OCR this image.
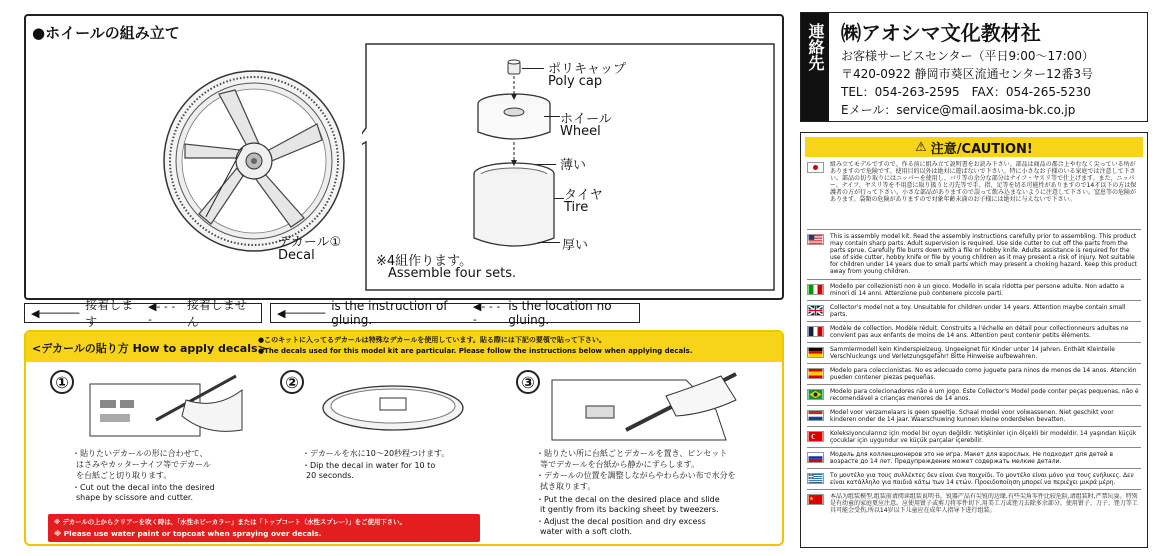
●ホイールの組み立て
デカール①
Decal
ポリキャップ
Poly cap
ホイール
Wheel
薄い
タイヤ
Tire
厚い
※4組作ります。
Assemble four sets.
◀──────
接着します
◀- - - -
接着しません
◀────── is the instruction of gluing.
◀- - - -
is the location no gluing.
<デカールの貼り方 How to apply decals>
●このキットに入ってるデカールは特殊なデカールを使用しています。貼る際には下記の要領で貼って下さい。
●The decals used for this model kit are particular. Please follow the instructions below when applying decals.
①
・貼りたいデカールの形に合わせて、
はさみやカッターナイフ等でデカール
を台紙ごと切り取ります。
・Cut out the decal into the desired
shape by scissore and cutter.
②
・デカールを水に10～20秒程つけます。
・Dip the decal in water for 10 to
20 seconds.
③
・貼りたい所に台紙ごとデカールを置き、ピンセット
等でデカールを台紙から静かにずらします。
・デカールの位置を調整しながらやわらかい布で水分を
拭き取ります。
・Put the decal on the desired place and slide
it gently from its backing sheet by tweezers.
・Adjust the decal position and dry excess
water with a soft cloth.
※ デカールの上からクリアーを吹く時は、「水性ホビーカラー」または「トップコート（水性スプレー）」をご使用下さい。
※ Please use water paint or topcoat when spraying over decals.
連絡先 ㈱アオシマ文化教材社
お客様サービスセンター（平日9:00～17:00）
〒420-0922 静岡市葵区流通センター12番3号
TEL：054-263-2595　FAX：054-265-5230
Eメール：service@mail.aosima-bk.co.jp
⚠ 注意/CAUTION!
組み立てモデルですので、作る前に組み立て説明書をお読み下さい。部品は商品の都合上やむなく尖っている所がありますので危険です。使用目的以外は絶対に遊ばないで下さい。特に小さなお子様のいる家庭では注意して下さい。部品の切り取りにはニッパーを使用し、バリ等の余分な部分はナイフ・ヤスリ等で仕上げます。また、ニッパー、ナイフ、ヤスリ等を不用意に取り扱うと刃先等で手、指、足等を切る可能性がありますので14才以下の方は保護者の方が行って下さい。小さな部品がありますので誤って飲み込まないように注意して下さい。窒息等の危険があります。袋類の危険がありますので対象年齢未満のお子様には絶対に与えないで下さい。
This is assembly model kit. Read the assembly instructions carefully prior to assembling. This product may contain sharp parts. Adult supervision is required. Use side cutter to cut off the parts from the parts sprue. Carefully file burrs down with a file or hobby knife. Adults assistance is required for the use of side cutter, hobby knife or file by young children as it may present a risk of injury. Not suitable for children under 14 years due to small parts which may present a choking hazard. Keep this product away from young children.
Modello per collezionisti non è un gioco. Modello in scala ridotta per persone adulte. Non adatto a minori di 14 anni. Attenzione può contenere piccole parti.
Collector's model not a toy. Unsuitable for children under 14 years. Attention maybe contain small parts.
Modèle de collection. Modèle réduit. Construits a l'échelle en détail pour collectionneurs adultes ne convient pas aux enfants de moins de 14 ans. Attention peut contenir petits éléments.
Sammlermodell kein Kinderspielzeug. Ungeeignet für Kinder unter 14 Jahren. Enthält Kleinteile Verschluckungs und Verletzungsgefahr! Bitte Hinweise aufbewahren.
Modelo para coleccionistas. No es adecuado como juguete para ninos de menos de 14 anos. Atención pueden contener piezas pequeñas.
Modelo para colecionadores não é um jogo. Este Collector's Model pode conter peças pequenas, não é recomendável a crianças menores de 14 anos.
Model voor verzamelaars is geen speeltje. Schaal model voor volwassenen. Niet geschikt voor kinderen onder de 14 jaar. Waarschuwing kunnen kleine onderdelen bevatten.
Koleksiyoncularınız için model bir oyun değildir. Yetişkinler için ölçekli bir modeldir. 14 yaşından küçük çocuklar için uygundur ve küçük parçalar içerebilir.
Модель для коллекционеров это не игра. Макет для взрослых. Не подходит для детей в возрасте до 14 лет. Предупреждение может содержать мелкие детали.
Το μοντέλο για τους συλλέκτες δεν είναι ένα παιχνίδι. Το μοντέλο είναι μόνο για τους ενήλικες. Δεν είναι κατάλληλο για παιδιά κάτω των 14 ετών. Προειδοποίηση μπορεί να περιέχει μικρά μέρη.
本品为组装模型,组装前请阅读组装说明书。锐器产品有尖锐的边缘,有些尖角零件比较危险,请组装时,严禁玩耍。特别是有幼童的家庭更应注意。应使用钳子或剪刀将零件切下,用美工刀或锉刀去除多余部分。使用钳子、刀子、锉刀等工具可能会受伤,所以14岁以下儿童应在成年人指导下进行组装。
